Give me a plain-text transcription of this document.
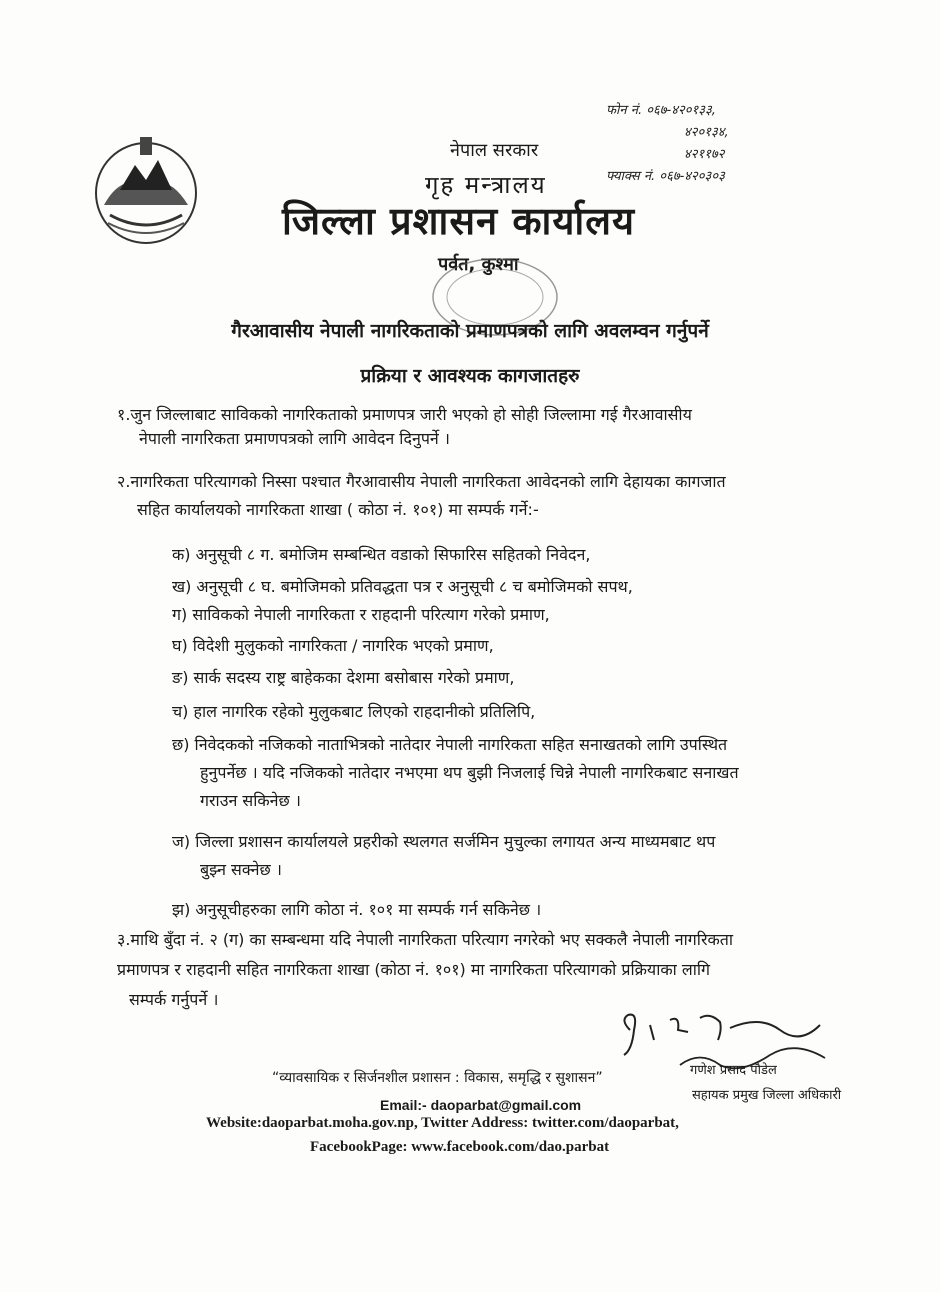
फोन नं. ०६७-४२०१३३,
४२०१३४,
४२११७२
फ्याक्स नं. ०६७-४२०३०३
नेपाल सरकार
गृह मन्त्रालय
जिल्ला प्रशासन कार्यालय
पर्वत, कुश्मा
गैरआवासीय नेपाली नागरिकताको प्रमाणपत्रको लागि अवलम्वन गर्नुपर्ने
प्रक्रिया र आवश्यक कागजातहरु
१.जुन जिल्लाबाट साविकको नागरिकताको प्रमाणपत्र जारी भएको हो सोही जिल्लामा गई गैरआवासीय
नेपाली नागरिकता प्रमाणपत्रको लागि आवेदन दिनुपर्ने ।
२.नागरिकता परित्यागको निस्सा पश्चात गैरआवासीय नेपाली नागरिकता आवेदनको लागि देहायका कागजात
सहित कार्यालयको नागरिकता शाखा ( कोठा नं. १०१) मा सम्पर्क गर्ने:-
क) अनुसूची ८ ग. बमोजिम सम्बन्धित वडाको सिफारिस सहितको निवेदन,
ख) अनुसूची ८ घ. बमोजिमको प्रतिवद्धता पत्र र अनुसूची ८ च बमोजिमको सपथ,
ग) साविकको नेपाली नागरिकता र राहदानी परित्याग गरेको प्रमाण,
घ) विदेशी मुलुकको नागरिकता / नागरिक भएको प्रमाण,
ङ) सार्क सदस्य राष्ट्र बाहेकका देशमा बसोबास गरेको प्रमाण,
च) हाल नागरिक रहेको मुलुकबाट लिएको राहदानीको प्रतिलिपि,
छ) निवेदकको नजिकको नाताभित्रको नातेदार नेपाली नागरिकता सहित सनाखतको लागि उपस्थित
हुनुपर्नेछ । यदि नजिकको नातेदार नभएमा थप बुझी निजलाई चिन्ने नेपाली नागरिकबाट सनाखत
गराउन सकिनेछ ।
ज) जिल्ला प्रशासन कार्यालयले प्रहरीको स्थलगत सर्जमिन मुचुल्का लगायत अन्य माध्यमबाट थप
बुझ्न सक्नेछ ।
झ) अनुसूचीहरुका लागि कोठा नं. १०१ मा सम्पर्क गर्न सकिनेछ ।
३.माथि बुँदा नं. २ (ग) का सम्बन्धमा यदि नेपाली नागरिकता परित्याग नगरेको भए सक्कलै नेपाली नागरिकता
प्रमाणपत्र र राहदानी सहित नागरिकता शाखा (कोठा नं. १०१) मा नागरिकता परित्यागको प्रक्रियाका लागि
सम्पर्क गर्नुपर्ने ।
गणेश प्रसाद पौडेल
सहायक प्रमुख जिल्ला अधिकारी
“व्यावसायिक र सिर्जनशील प्रशासन : विकास, समृद्धि र सुशासन”
Email:- daoparbat@gmail.com
Website:daoparbat.moha.gov.np, Twitter Address: twitter.com/daoparbat,
FacebookPage: www.facebook.com/dao.parbat
